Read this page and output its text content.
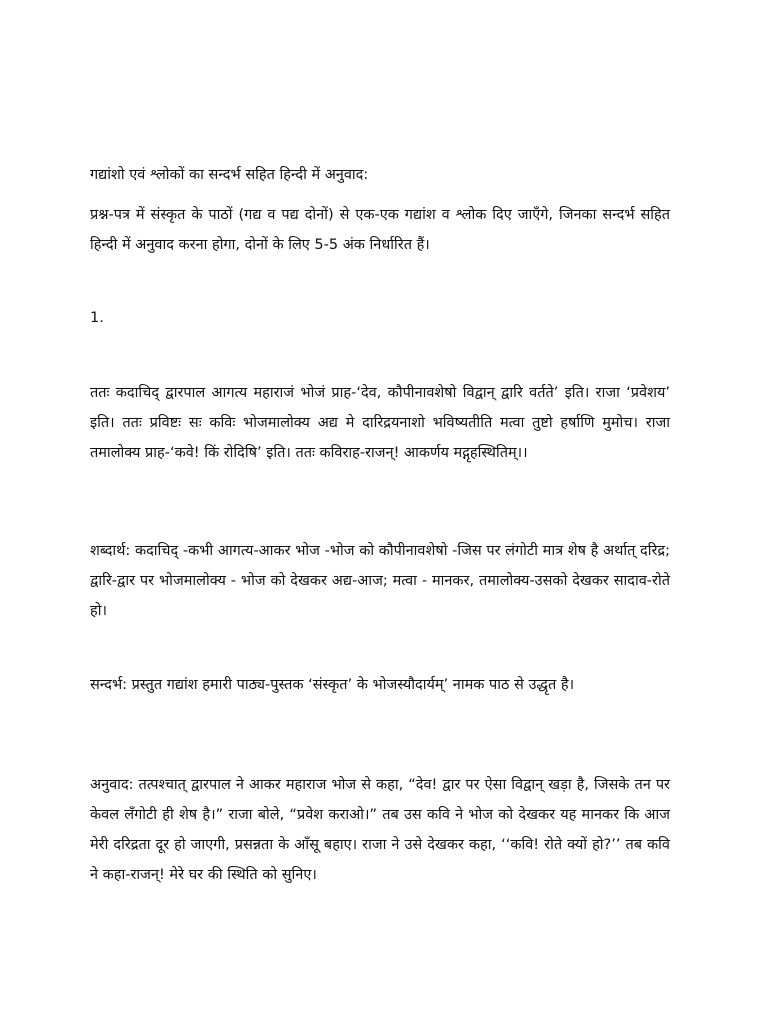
गद्यांशो एवं श्लोकों का सन्दर्भ सहित हिन्दी में अनुवाद:

प्रश्न-पत्र में संस्कृत के पाठों (गद्य व पद्य दोनों) से एक-एक गद्यांश व श्लोक दिए जाएँगे, जिनका सन्दर्भ सहित हिन्दी में अनुवाद करना होगा, दोनों के लिए 5-5 अंक निर्धारित हैं।

1.

ततः कदाचिद् द्वारपाल आगत्य महाराजं भोजं प्राह-‘देव, कौपीनावशेषो विद्वान् द्वारि वर्तते’ इति। राजा ‘प्रवेशय’ इति। ततः प्रविष्टः सः कविः भोजमालोक्य अद्य मे दारिद्रयनाशो भविष्यतीति मत्वा तुष्टो हर्षाणि मुमोच। राजा तमालोक्य प्राह-‘कवे! किं रोदिषि’ इति। ततः कविराह-राजन्! आकर्णय मद्गृहस्थितिम्।।

शब्दार्थ: कदाचिद् -कभी आगत्य-आकर भोज -भोज को कौपीनावशेषो -जिस पर लंगोटी मात्र शेष है अर्थात् दरिद्र; द्वारि-द्वार पर भोजमालोक्य - भोज को देखकर अद्य-आज; मत्वा - मानकर, तमालोक्य-उसको देखकर सादाव-रोते हो।

सन्दर्भ: प्रस्तुत गद्यांश हमारी पाठ्य-पुस्तक ‘संस्कृत’ के भोजस्यौदार्यम्’ नामक पाठ से उद्धृत है।

अनुवाद: तत्पश्चात् द्वारपाल ने आकर महाराज भोज से कहा, “देव! द्वार पर ऐसा विद्वान् खड़ा है, जिसके तन पर केवल लँगोटी ही शेष है।” राजा बोले, “प्रवेश कराओ।” तब उस कवि ने भोज को देखकर यह मानकर कि आज मेरी दरिद्रता दूर हो जाएगी, प्रसन्नता के आँसू बहाए। राजा ने उसे देखकर कहा, ‘‘कवि! रोते क्यों हो?’’ तब कवि ने कहा-राजन्! मेरे घर की स्थिति को सुनिए।
